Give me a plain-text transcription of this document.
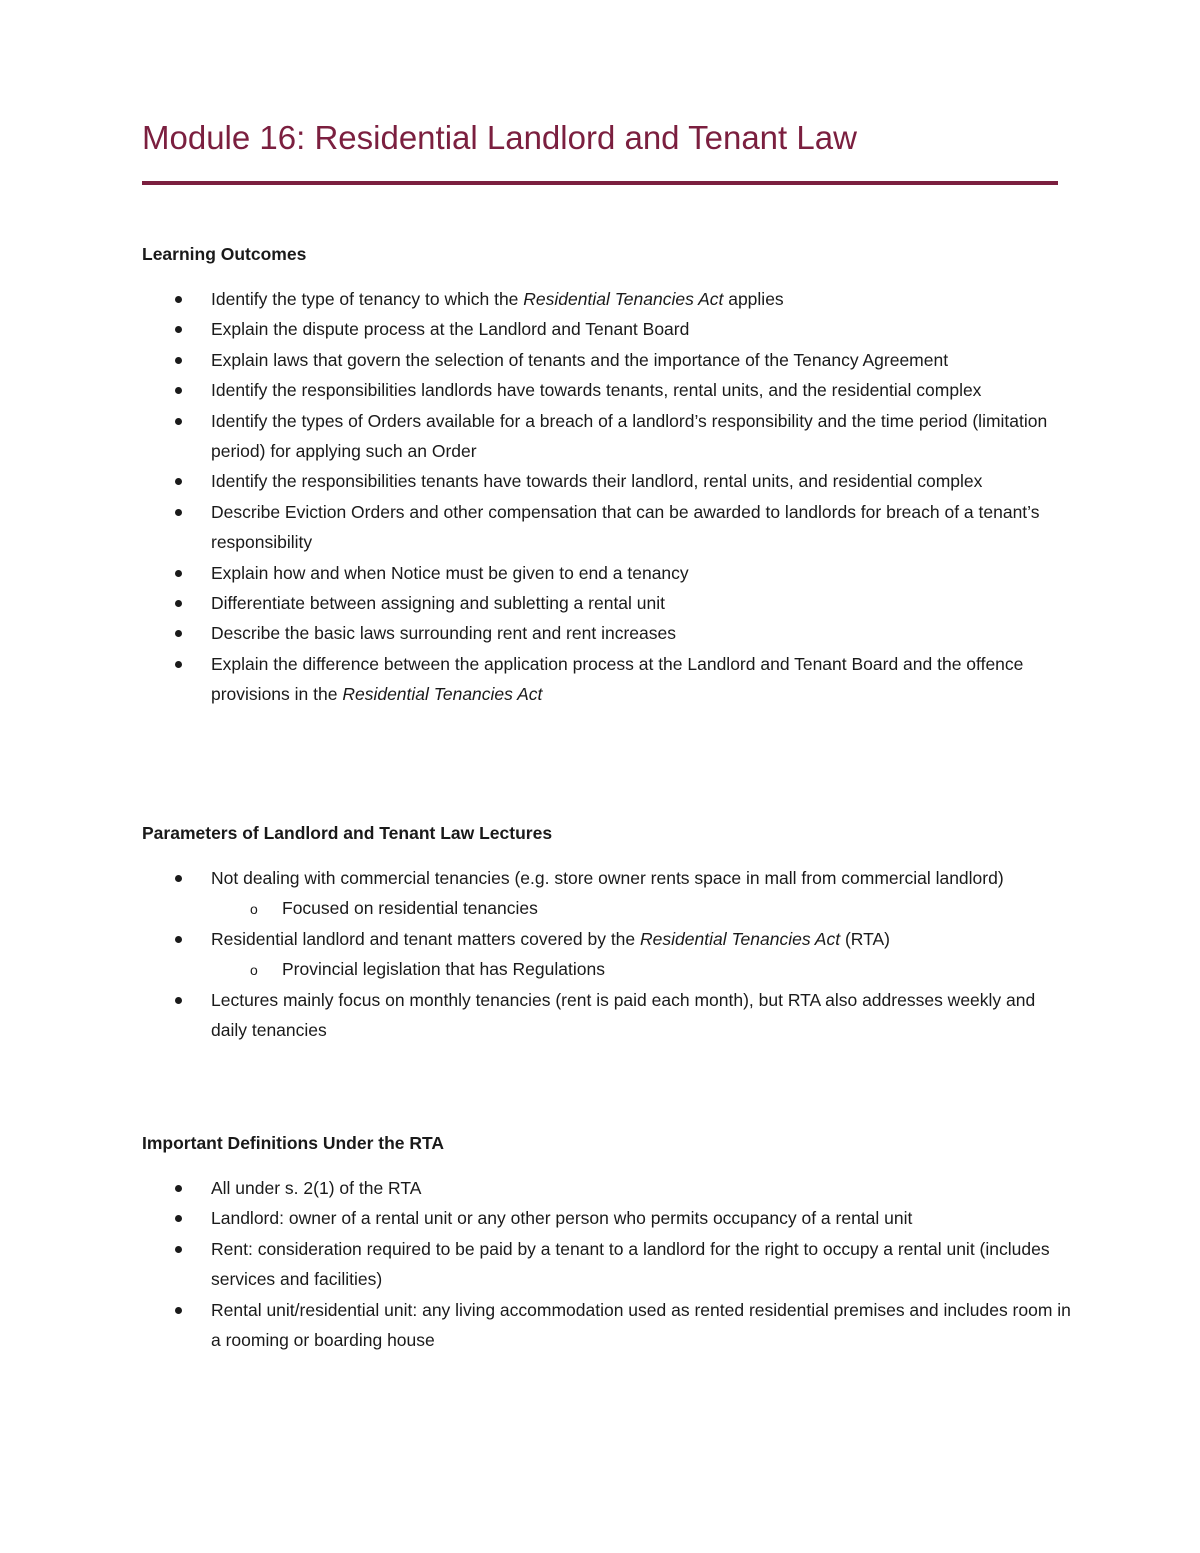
Module 16: Residential Landlord and Tenant Law
Learning Outcomes
Identify the type of tenancy to which the Residential Tenancies Act applies
Explain the dispute process at the Landlord and Tenant Board
Explain laws that govern the selection of tenants and the importance of the Tenancy Agreement
Identify the responsibilities landlords have towards tenants, rental units, and the residential complex
Identify the types of Orders available for a breach of a landlord’s responsibility and the time period (limitation period) for applying such an Order
Identify the responsibilities tenants have towards their landlord, rental units, and residential complex
Describe Eviction Orders and other compensation that can be awarded to landlords for breach of a tenant’s responsibility
Explain how and when Notice must be given to end a tenancy
Differentiate between assigning and subletting a rental unit
Describe the basic laws surrounding rent and rent increases
Explain the difference between the application process at the Landlord and Tenant Board and the offence provisions in the Residential Tenancies Act
Parameters of Landlord and Tenant Law Lectures
Not dealing with commercial tenancies (e.g. store owner rents space in mall from commercial landlord)
o Focused on residential tenancies
Residential landlord and tenant matters covered by the Residential Tenancies Act (RTA)
o Provincial legislation that has Regulations
Lectures mainly focus on monthly tenancies (rent is paid each month), but RTA also addresses weekly and daily tenancies
Important Definitions Under the RTA
All under s. 2(1) of the RTA
Landlord: owner of a rental unit or any other person who permits occupancy of a rental unit
Rent: consideration required to be paid by a tenant to a landlord for the right to occupy a rental unit (includes services and facilities)
Rental unit/residential unit: any living accommodation used as rented residential premises and includes room in a rooming or boarding house
